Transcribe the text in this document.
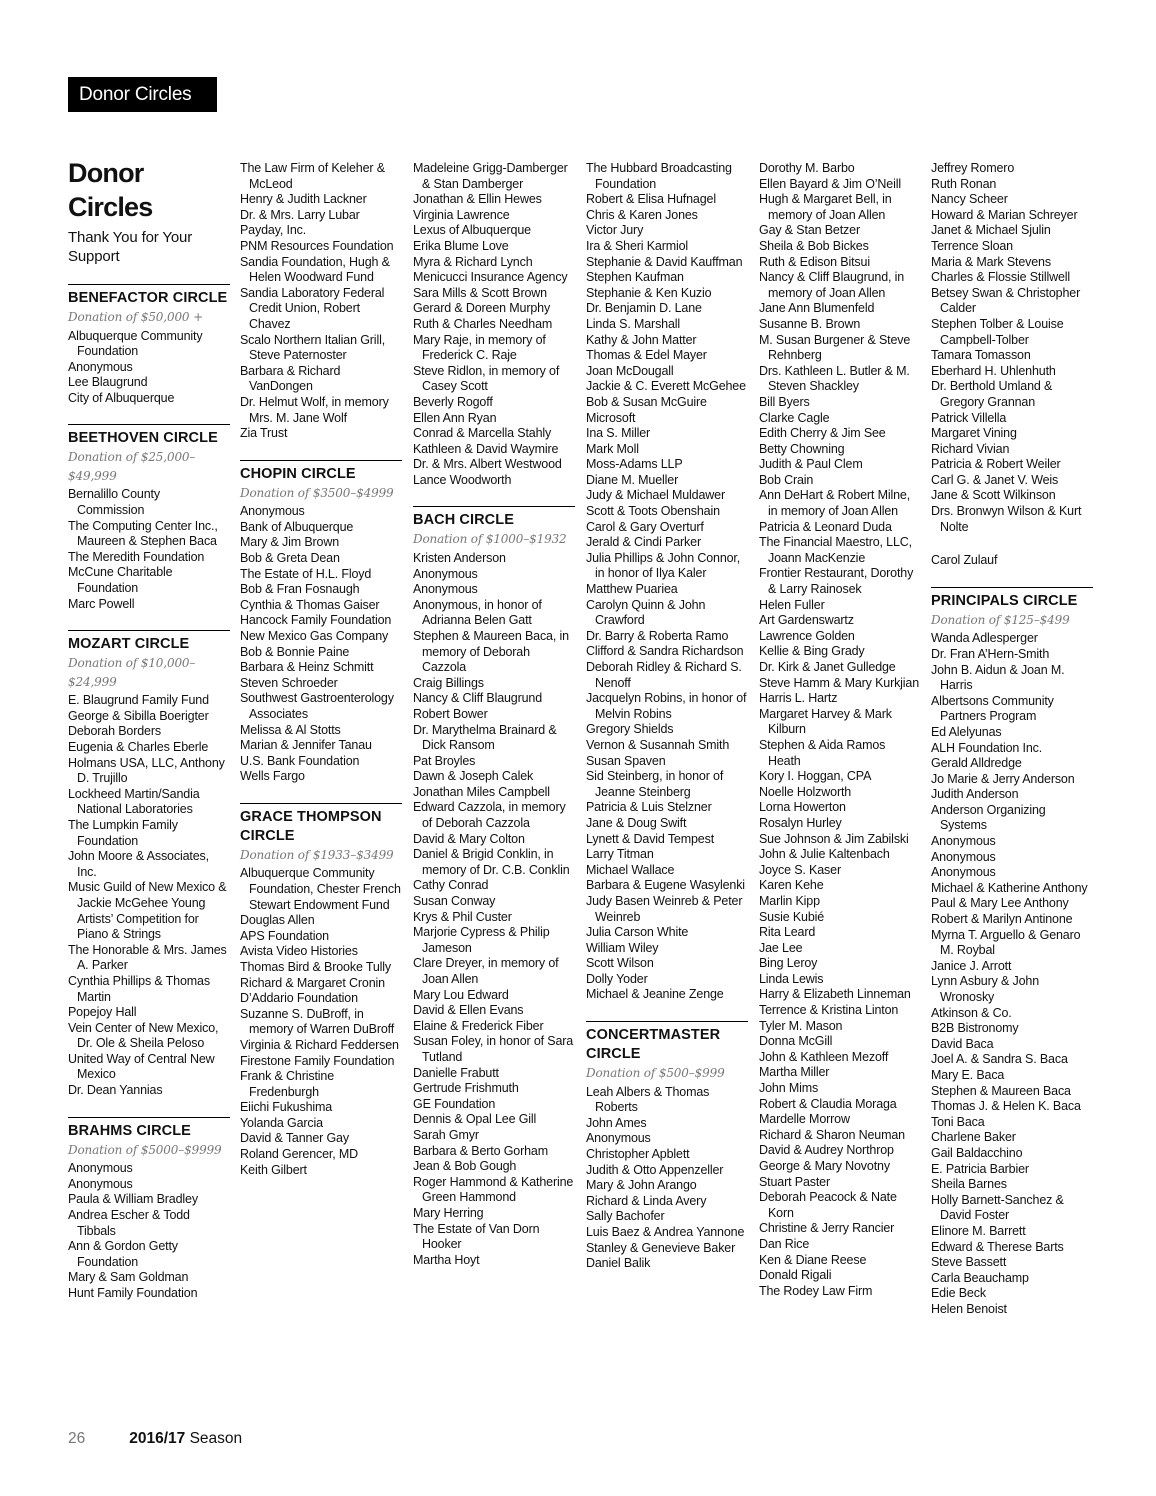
Donor Circles
Donor Circles
Thank You for Your Support
BENEFACTOR CIRCLE
Donation of $50,000 +
Albuquerque Community Foundation
Anonymous
Lee Blaugrund
City of Albuquerque
BEETHOVEN CIRCLE
Donation of $25,000–$49,999
Bernalillo County Commission
The Computing Center Inc., Maureen & Stephen Baca
The Meredith Foundation
McCune Charitable Foundation
Marc Powell
MOZART CIRCLE
Donation of $10,000–$24,999
E. Blaugrund Family Fund
George & Sibilla Boerigter
Deborah Borders
Eugenia & Charles Eberle
Holmans USA, LLC, Anthony D. Trujillo
Lockheed Martin/Sandia National Laboratories
The Lumpkin Family Foundation
John Moore & Associates, Inc.
Music Guild of New Mexico & Jackie McGehee Young Artists’ Competition for Piano & Strings
The Honorable & Mrs. James A. Parker
Cynthia Phillips & Thomas Martin
Popejoy Hall
Vein Center of New Mexico, Dr. Ole & Sheila Peloso
United Way of Central New Mexico
Dr. Dean Yannias
BRAHMS CIRCLE
Donation of $5000–$9999
Anonymous
Anonymous
Paula & William Bradley
Andrea Escher & Todd Tibbals
Ann & Gordon Getty Foundation
Mary & Sam Goldman
Hunt Family Foundation
The Law Firm of Keleher & McLeod
Henry & Judith Lackner
Dr. & Mrs. Larry Lubar
Payday, Inc.
PNM Resources Foundation
Sandia Foundation, Hugh & Helen Woodward Fund
Sandia Laboratory Federal Credit Union, Robert Chavez
Scalo Northern Italian Grill, Steve Paternoster
Barbara & Richard VanDongen
Dr. Helmut Wolf, in memory Mrs. M. Jane Wolf
Zia Trust
CHOPIN CIRCLE
Donation of $3500–$4999
Anonymous
Bank of Albuquerque
Mary & Jim Brown
Bob & Greta Dean
The Estate of H.L. Floyd
Bob & Fran Fosnaugh
Cynthia & Thomas Gaiser
Hancock Family Foundation
New Mexico Gas Company
Bob & Bonnie Paine
Barbara & Heinz Schmitt
Steven Schroeder
Southwest Gastroenterology Associates
Melissa & Al Stotts
Marian & Jennifer Tanau
U.S. Bank Foundation
Wells Fargo
GRACE THOMPSON CIRCLE
Donation of $1933–$3499
Albuquerque Community Foundation, Chester French Stewart Endowment Fund
Douglas Allen
APS Foundation
Avista Video Histories
Thomas Bird & Brooke Tully
Richard & Margaret Cronin
D’Addario Foundation
Suzanne S. DuBroff, in memory of Warren DuBroff
Virginia & Richard Feddersen
Firestone Family Foundation
Frank & Christine Fredenburgh
Eiichi Fukushima
Yolanda Garcia
David & Tanner Gay
Roland Gerencer, MD
Keith Gilbert
Madeleine Grigg-Damberger & Stan Damberger
Jonathan & Ellin Hewes
Virginia Lawrence
Lexus of Albuquerque
Erika Blume Love
Myra & Richard Lynch
Menicucci Insurance Agency
Sara Mills & Scott Brown
Gerard & Doreen Murphy
Ruth & Charles Needham
Mary Raje, in memory of Frederick C. Raje
Steve Ridlon, in memory of Casey Scott
Beverly Rogoff
Ellen Ann Ryan
Conrad & Marcella Stahly
Kathleen & David Waymire
Dr. & Mrs. Albert Westwood
Lance Woodworth
BACH CIRCLE
Donation of $1000–$1932
Kristen Anderson
Anonymous
Anonymous
Anonymous, in honor of Adrianna Belen Gatt
Stephen & Maureen Baca, in memory of Deborah Cazzola
Craig Billings
Nancy & Cliff Blaugrund
Robert Bower
Dr. Marythelma Brainard & Dick Ransom
Pat Broyles
Dawn & Joseph Calek
Jonathan Miles Campbell
Edward Cazzola, in memory of Deborah Cazzola
David & Mary Colton
Daniel & Brigid Conklin, in memory of Dr. C.B. Conklin
Cathy Conrad
Susan Conway
Krys & Phil Custer
Marjorie Cypress & Philip Jameson
Clare Dreyer, in memory of Joan Allen
Mary Lou Edward
David & Ellen Evans
Elaine & Frederick Fiber
Susan Foley, in honor of Sara Tutland
Danielle Frabutt
Gertrude Frishmuth
GE Foundation
Dennis & Opal Lee Gill
Sarah Gmyr
Barbara & Berto Gorham
Jean & Bob Gough
Roger Hammond & Katherine Green Hammond
Mary Herring
The Estate of Van Dorn Hooker
Martha Hoyt
The Hubbard Broadcasting Foundation
Robert & Elisa Hufnagel
Chris & Karen Jones
Victor Jury
Ira & Sheri Karmiol
Stephanie & David Kauffman
Stephen Kaufman
Stephanie & Ken Kuzio
Dr. Benjamin D. Lane
Linda S. Marshall
Kathy & John Matter
Thomas & Edel Mayer
Joan McDougall
Jackie & C. Everett McGehee
Bob & Susan McGuire
Microsoft
Ina S. Miller
Mark Moll
Moss-Adams LLP
Diane M. Mueller
Judy & Michael Muldawer
Scott & Toots Obenshain
Carol & Gary Overturf
Jerald & Cindi Parker
Julia Phillips & John Connor, in honor of Ilya Kaler
Matthew Puariea
Carolyn Quinn & John Crawford
Dr. Barry & Roberta Ramo
Clifford & Sandra Richardson
Deborah Ridley & Richard S. Nenoff
Jacquelyn Robins, in honor of Melvin Robins
Gregory Shields
Vernon & Susannah Smith
Susan Spaven
Sid Steinberg, in honor of Jeanne Steinberg
Patricia & Luis Stelzner
Jane & Doug Swift
Lynett & David Tempest
Larry Titman
Michael Wallace
Barbara & Eugene Wasylenki
Judy Basen Weinreb & Peter Weinreb
Julia Carson White
William Wiley
Scott Wilson
Dolly Yoder
Michael & Jeanine Zenge
CONCERTMASTER CIRCLE
Donation of $500–$999
Leah Albers & Thomas Roberts
John Ames
Anonymous
Christopher Apblett
Judith & Otto Appenzeller
Mary & John Arango
Richard & Linda Avery
Sally Bachofer
Luis Baez & Andrea Yannone
Stanley & Genevieve Baker
Daniel Balik
Dorothy M. Barbo
Ellen Bayard & Jim O’Neill
Hugh & Margaret Bell, in memory of Joan Allen
Gay & Stan Betzer
Sheila & Bob Bickes
Ruth & Edison Bitsui
Nancy & Cliff Blaugrund, in memory of Joan Allen
Jane Ann Blumenfeld
Susanne B. Brown
M. Susan Burgener & Steve Rehnberg
Drs. Kathleen L. Butler & M. Steven Shackley
Bill Byers
Clarke Cagle
Edith Cherry & Jim See
Betty Chowning
Judith & Paul Clem
Bob Crain
Ann DeHart & Robert Milne, in memory of Joan Allen
Patricia & Leonard Duda
The Financial Maestro, LLC, Joann MacKenzie
Frontier Restaurant, Dorothy & Larry Rainosek
Helen Fuller
Art Gardenswartz
Lawrence Golden
Kellie & Bing Grady
Dr. Kirk & Janet Gulledge
Steve Hamm & Mary Kurkjian
Harris L. Hartz
Margaret Harvey & Mark Kilburn
Stephen & Aida Ramos Heath
Kory I. Hoggan, CPA
Noelle Holzworth
Lorna Howerton
Rosalyn Hurley
Sue Johnson & Jim Zabilski
John & Julie Kaltenbach
Joyce S. Kaser
Karen Kehe
Marlin Kipp
Susie Kubié
Rita Leard
Jae Lee
Bing Leroy
Linda Lewis
Harry & Elizabeth Linneman
Terrence & Kristina Linton
Tyler M. Mason
Donna McGill
John & Kathleen Mezoff
Martha Miller
John Mims
Robert & Claudia Moraga
Mardelle Morrow
Richard & Sharon Neuman
David & Audrey Northrop
George & Mary Novotny
Stuart Paster
Deborah Peacock & Nate Korn
Christine & Jerry Rancier
Dan Rice
Ken & Diane Reese
Donald Rigali
The Rodey Law Firm
Jeffrey Romero
Ruth Ronan
Nancy Scheer
Howard & Marian Schreyer
Janet & Michael Sjulin
Terrence Sloan
Maria & Mark Stevens
Charles & Flossie Stillwell
Betsey Swan & Christopher Calder
Stephen Tolber & Louise Campbell-Tolber
Tamara Tomasson
Eberhard H. Uhlenhuth
Dr. Berthold Umland & Gregory Grannan
Patrick Villella
Margaret Vining
Richard Vivian
Patricia & Robert Weiler
Carl G. & Janet V. Weis
Jane & Scott Wilkinson
Drs. Bronwyn Wilson & Kurt Nolte
Carol Zulauf
PRINCIPALS CIRCLE
Donation of $125–$499
Wanda Adlesperger
Dr. Fran A’Hern-Smith
John B. Aidun & Joan M. Harris
Albertsons Community Partners Program
Ed Alelyunas
ALH Foundation Inc.
Gerald Alldredge
Jo Marie & Jerry Anderson
Judith Anderson
Anderson Organizing Systems
Anonymous
Anonymous
Anonymous
Michael & Katherine Anthony
Paul & Mary Lee Anthony
Robert & Marilyn Antinone
Myrna T. Arguello & Genaro M. Roybal
Janice J. Arrott
Lynn Asbury & John Wronosky
Atkinson & Co.
B2B Bistronomy
David Baca
Joel A. & Sandra S. Baca
Mary E. Baca
Stephen & Maureen Baca
Thomas J. & Helen K. Baca
Toni Baca
Charlene Baker
Gail Baldacchino
E. Patricia Barbier
Sheila Barnes
Holly Barnett-Sanchez & David Foster
Elinore M. Barrett
Edward & Therese Barts
Steve Bassett
Carla Beauchamp
Edie Beck
Helen Benoist
26	2016/17 Season
